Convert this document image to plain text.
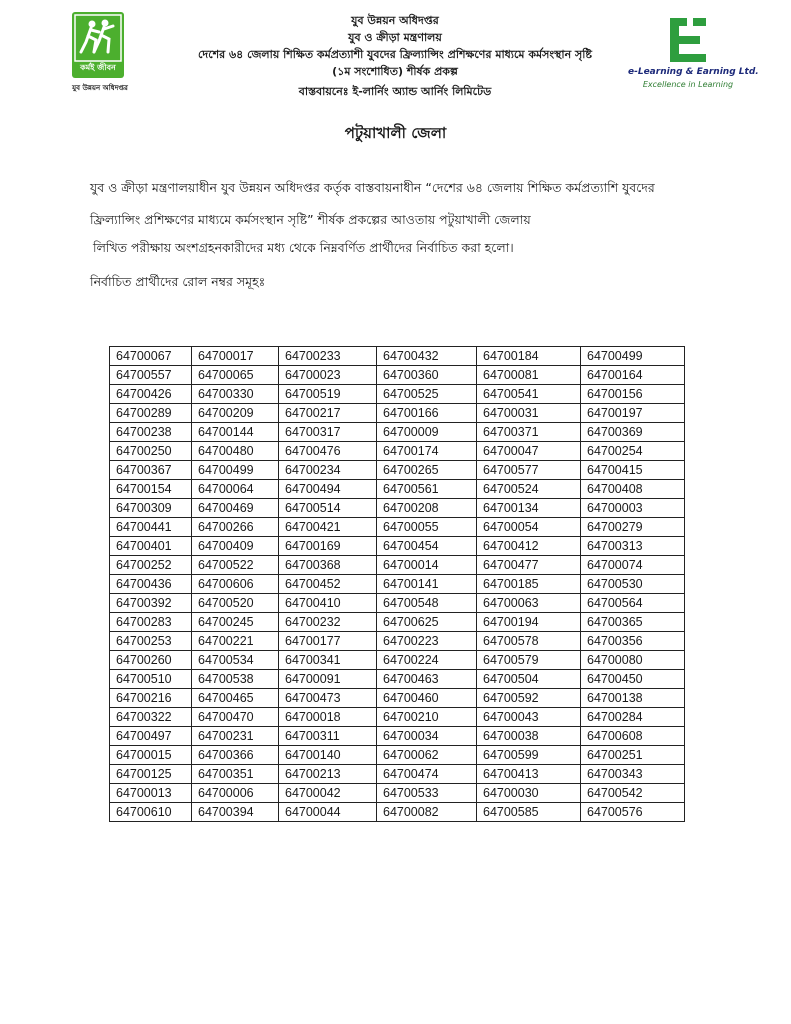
কর্মই জীবন
যুব উন্নয়ন অধিদপ্তর
e-Learning & Earning Ltd.
Excellence in Learning
যুব উন্নয়ন অধিদপ্তর
যুব ও ক্রীড়া মন্ত্রণালয়
দেশের ৬৪ জেলায় শিক্ষিত কর্মপ্রত্যাশী যুবদের ফ্রিল্যান্সিং প্রশিক্ষণের মাধ্যমে কর্মসংস্থান সৃষ্টি
(১ম সংশোধিত) শীর্ষক প্রকল্প
বাস্তবায়নেঃ ই-লার্নিং অ্যান্ড আর্নিং লিমিটেড
পটুয়াখালী জেলা
যুব ও ক্রীড়া মন্ত্রণালয়াধীন যুব উন্নয়ন অধিদপ্তর কর্তৃক বাস্তবায়নাধীন “দেশের ৬৪ জেলায় শিক্ষিত কর্মপ্রত্যাশি যুবদের
ফ্রিল্যান্সিং প্রশিক্ষণের মাধ্যমে কর্মসংস্থান সৃষ্টি” শীর্ষক প্রকল্পের আওতায় পটুয়াখালী জেলায়
লিখিত পরীক্ষায় অংশগ্রহনকারীদের মধ্য থেকে নিম্নবর্ণিত প্রার্থীদের নির্বাচিত করা হলো।
নির্বাচিত প্রার্থীদের রোল নম্বর সমূহঃ
64700067	64700017	64700233	64700432	64700184	64700499
64700557	64700065	64700023	64700360	64700081	64700164
64700426	64700330	64700519	64700525	64700541	64700156
64700289	64700209	64700217	64700166	64700031	64700197
64700238	64700144	64700317	64700009	64700371	64700369
64700250	64700480	64700476	64700174	64700047	64700254
64700367	64700499	64700234	64700265	64700577	64700415
64700154	64700064	64700494	64700561	64700524	64700408
64700309	64700469	64700514	64700208	64700134	64700003
64700441	64700266	64700421	64700055	64700054	64700279
64700401	64700409	64700169	64700454	64700412	64700313
64700252	64700522	64700368	64700014	64700477	64700074
64700436	64700606	64700452	64700141	64700185	64700530
64700392	64700520	64700410	64700548	64700063	64700564
64700283	64700245	64700232	64700625	64700194	64700365
64700253	64700221	64700177	64700223	64700578	64700356
64700260	64700534	64700341	64700224	64700579	64700080
64700510	64700538	64700091	64700463	64700504	64700450
64700216	64700465	64700473	64700460	64700592	64700138
64700322	64700470	64700018	64700210	64700043	64700284
64700497	64700231	64700311	64700034	64700038	64700608
64700015	64700366	64700140	64700062	64700599	64700251
64700125	64700351	64700213	64700474	64700413	64700343
64700013	64700006	64700042	64700533	64700030	64700542
64700610	64700394	64700044	64700082	64700585	64700576
